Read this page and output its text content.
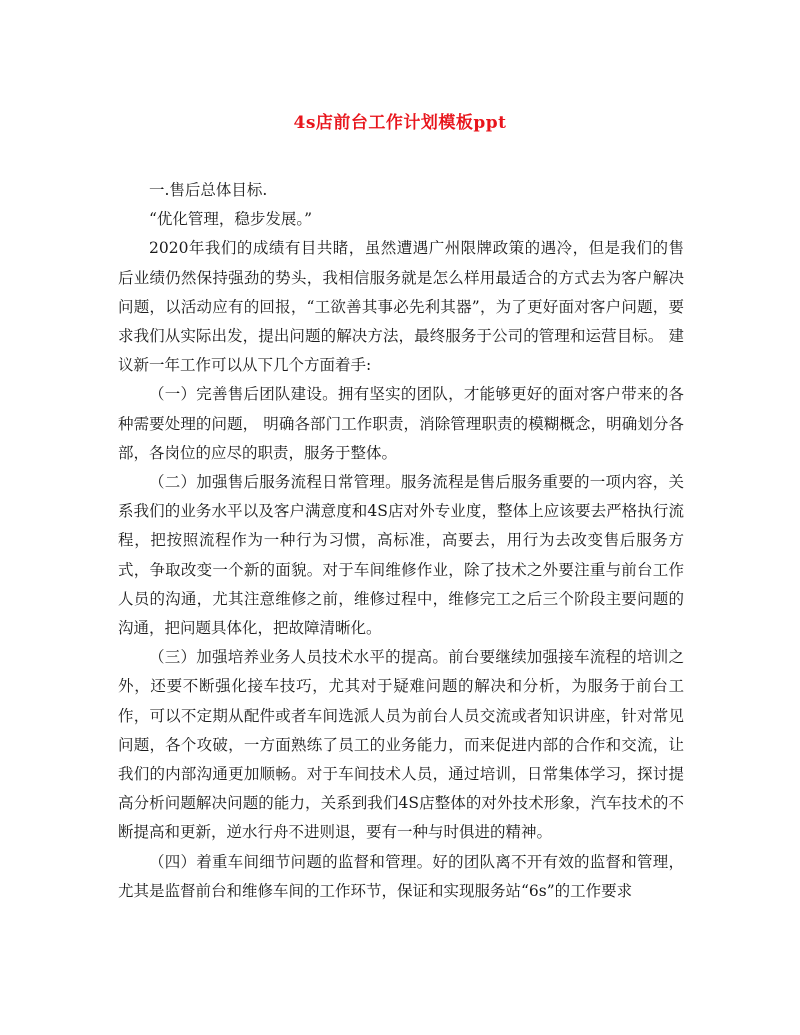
4s店前台工作计划模板ppt

一.售后总体目标.

“优化管理，稳步发展。”

2020年我们的成绩有目共睹，虽然遭遇广州限牌政策的遇冷，但是我们的售后业绩仍然保持强劲的势头，我相信服务就是怎么样用最适合的方式去为客户解决问题，以活动应有的回报，“工欲善其事必先利其器”，为了更好面对客户问题，要求我们从实际出发，提出问题的解决方法，最终服务于公司的管理和运营目标。 建议新一年工作可以从下几个方面着手:

（一）完善售后团队建设。拥有坚实的团队，才能够更好的面对客户带来的各种需要处理的问题， 明确各部门工作职责，消除管理职责的模糊概念，明确划分各部，各岗位的应尽的职责，服务于整体。

（二）加强售后服务流程日常管理。服务流程是售后服务重要的一项内容，关系我们的业务水平以及客户满意度和4S店对外专业度，整体上应该要去严格执行流程，把按照流程作为一种行为习惯，高标准，高要去，用行为去改变售后服务方式，争取改变一个新的面貌。对于车间维修作业，除了技术之外要注重与前台工作人员的沟通，尤其注意维修之前，维修过程中，维修完工之后三个阶段主要问题的沟通，把问题具体化，把故障清晰化。

（三）加强培养业务人员技术水平的提高。前台要继续加强接车流程的培训之外，还要不断强化接车技巧，尤其对于疑难问题的解决和分析，为服务于前台工作，可以不定期从配件或者车间选派人员为前台人员交流或者知识讲座，针对常见问题，各个攻破，一方面熟练了员工的业务能力，而来促进内部的合作和交流，让我们的内部沟通更加顺畅。对于车间技术人员，通过培训，日常集体学习，探讨提高分析问题解决问题的能力，关系到我们4S店整体的对外技术形象，汽车技术的不断提高和更新，逆水行舟不进则退，要有一种与时俱进的精神。

（四）着重车间细节问题的监督和管理。好的团队离不开有效的监督和管理，尤其是监督前台和维修车间的工作环节，保证和实现服务站“6s”的工作要求
